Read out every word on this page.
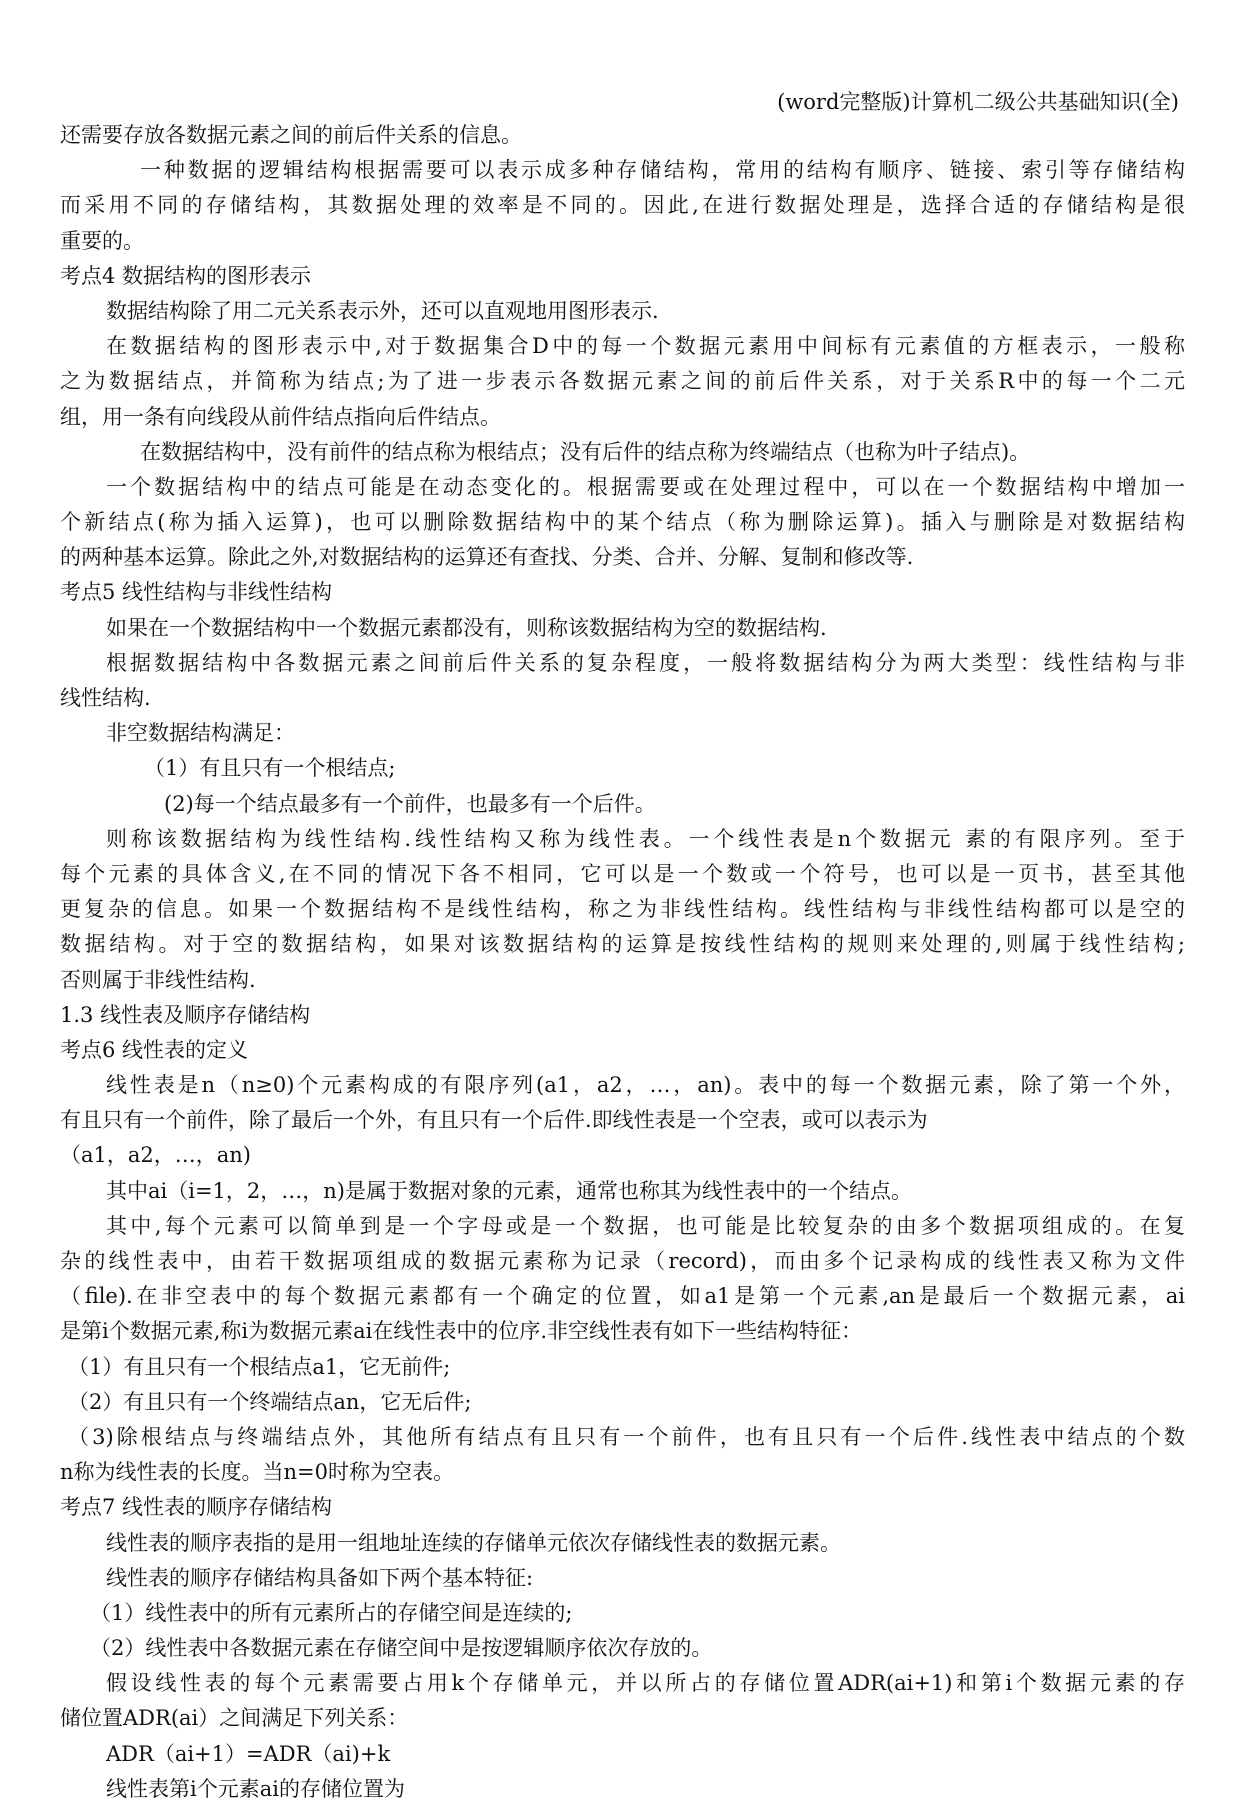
(word完整版)计算机二级公共基础知识(全)
还需要存放各数据元素之间的前后件关系的信息。
一种数据的逻辑结构根据需要可以表示成多种存储结构，常用的结构有顺序、链接、索引等存储结构
而采用不同的存储结构，其数据处理的效率是不同的。因此,在进行数据处理是，选择合适的存储结构是很
重要的。
考点4 数据结构的图形表示
数据结构除了用二元关系表示外，还可以直观地用图形表示.
在数据结构的图形表示中,对于数据集合D中的每一个数据元素用中间标有元素值的方框表示，一般称
之为数据结点，并简称为结点;为了进一步表示各数据元素之间的前后件关系，对于关系R中的每一个二元
组，用一条有向线段从前件结点指向后件结点。
在数据结构中，没有前件的结点称为根结点；没有后件的结点称为终端结点（也称为叶子结点)。
一个数据结构中的结点可能是在动态变化的。根据需要或在处理过程中，可以在一个数据结构中增加一
个新结点(称为插入运算)，也可以删除数据结构中的某个结点（称为删除运算)。插入与删除是对数据结构
的两种基本运算。除此之外,对数据结构的运算还有查找、分类、合并、分解、复制和修改等.
考点5 线性结构与非线性结构
如果在一个数据结构中一个数据元素都没有，则称该数据结构为空的数据结构.
根据数据结构中各数据元素之间前后件关系的复杂程度，一般将数据结构分为两大类型：线性结构与非
线性结构.
非空数据结构满足：
（1）有且只有一个根结点;
(2)每一个结点最多有一个前件，也最多有一个后件。
则称该数据结构为线性结构.线性结构又称为线性表。一个线性表是n个数据元 素的有限序列。至于
每个元素的具体含义,在不同的情况下各不相同，它可以是一个数或一个符号，也可以是一页书，甚至其他
更复杂的信息。如果一个数据结构不是线性结构，称之为非线性结构。线性结构与非线性结构都可以是空的
数据结构。对于空的数据结构，如果对该数据结构的运算是按线性结构的规则来处理的,则属于线性结构;
否则属于非线性结构.
1.3 线性表及顺序存储结构
考点6 线性表的定义
线性表是n（n≥0)个元素构成的有限序列(a1，a2，…，an)。表中的每一个数据元素，除了第一个外，
有且只有一个前件，除了最后一个外，有且只有一个后件.即线性表是一个空表，或可以表示为
（a1，a2，…，an)
其中ai（i=1，2，…，n)是属于数据对象的元素，通常也称其为线性表中的一个结点。
其中,每个元素可以简单到是一个字母或是一个数据，也可能是比较复杂的由多个数据项组成的。在复
杂的线性表中，由若干数据项组成的数据元素称为记录（record)，而由多个记录构成的线性表又称为文件
（file).在非空表中的每个数据元素都有一个确定的位置，如a1是第一个元素,an是最后一个数据元素，ai
是第i个数据元素,称i为数据元素ai在线性表中的位序.非空线性表有如下一些结构特征：
（1）有且只有一个根结点a1，它无前件;
（2）有且只有一个终端结点an，它无后件;
（3)除根结点与终端结点外，其他所有结点有且只有一个前件，也有且只有一个后件.线性表中结点的个数
n称为线性表的长度。当n=0时称为空表。
考点7 线性表的顺序存储结构
线性表的顺序表指的是用一组地址连续的存储单元依次存储线性表的数据元素。
线性表的顺序存储结构具备如下两个基本特征:
（1）线性表中的所有元素所占的存储空间是连续的;
（2）线性表中各数据元素在存储空间中是按逻辑顺序依次存放的。
假设线性表的每个元素需要占用k个存储单元，并以所占的存储位置ADR(ai+1)和第i个数据元素的存
储位置ADR(ai）之间满足下列关系：
ADR（ai+1）=ADR（ai)+k
线性表第i个元素ai的存储位置为
